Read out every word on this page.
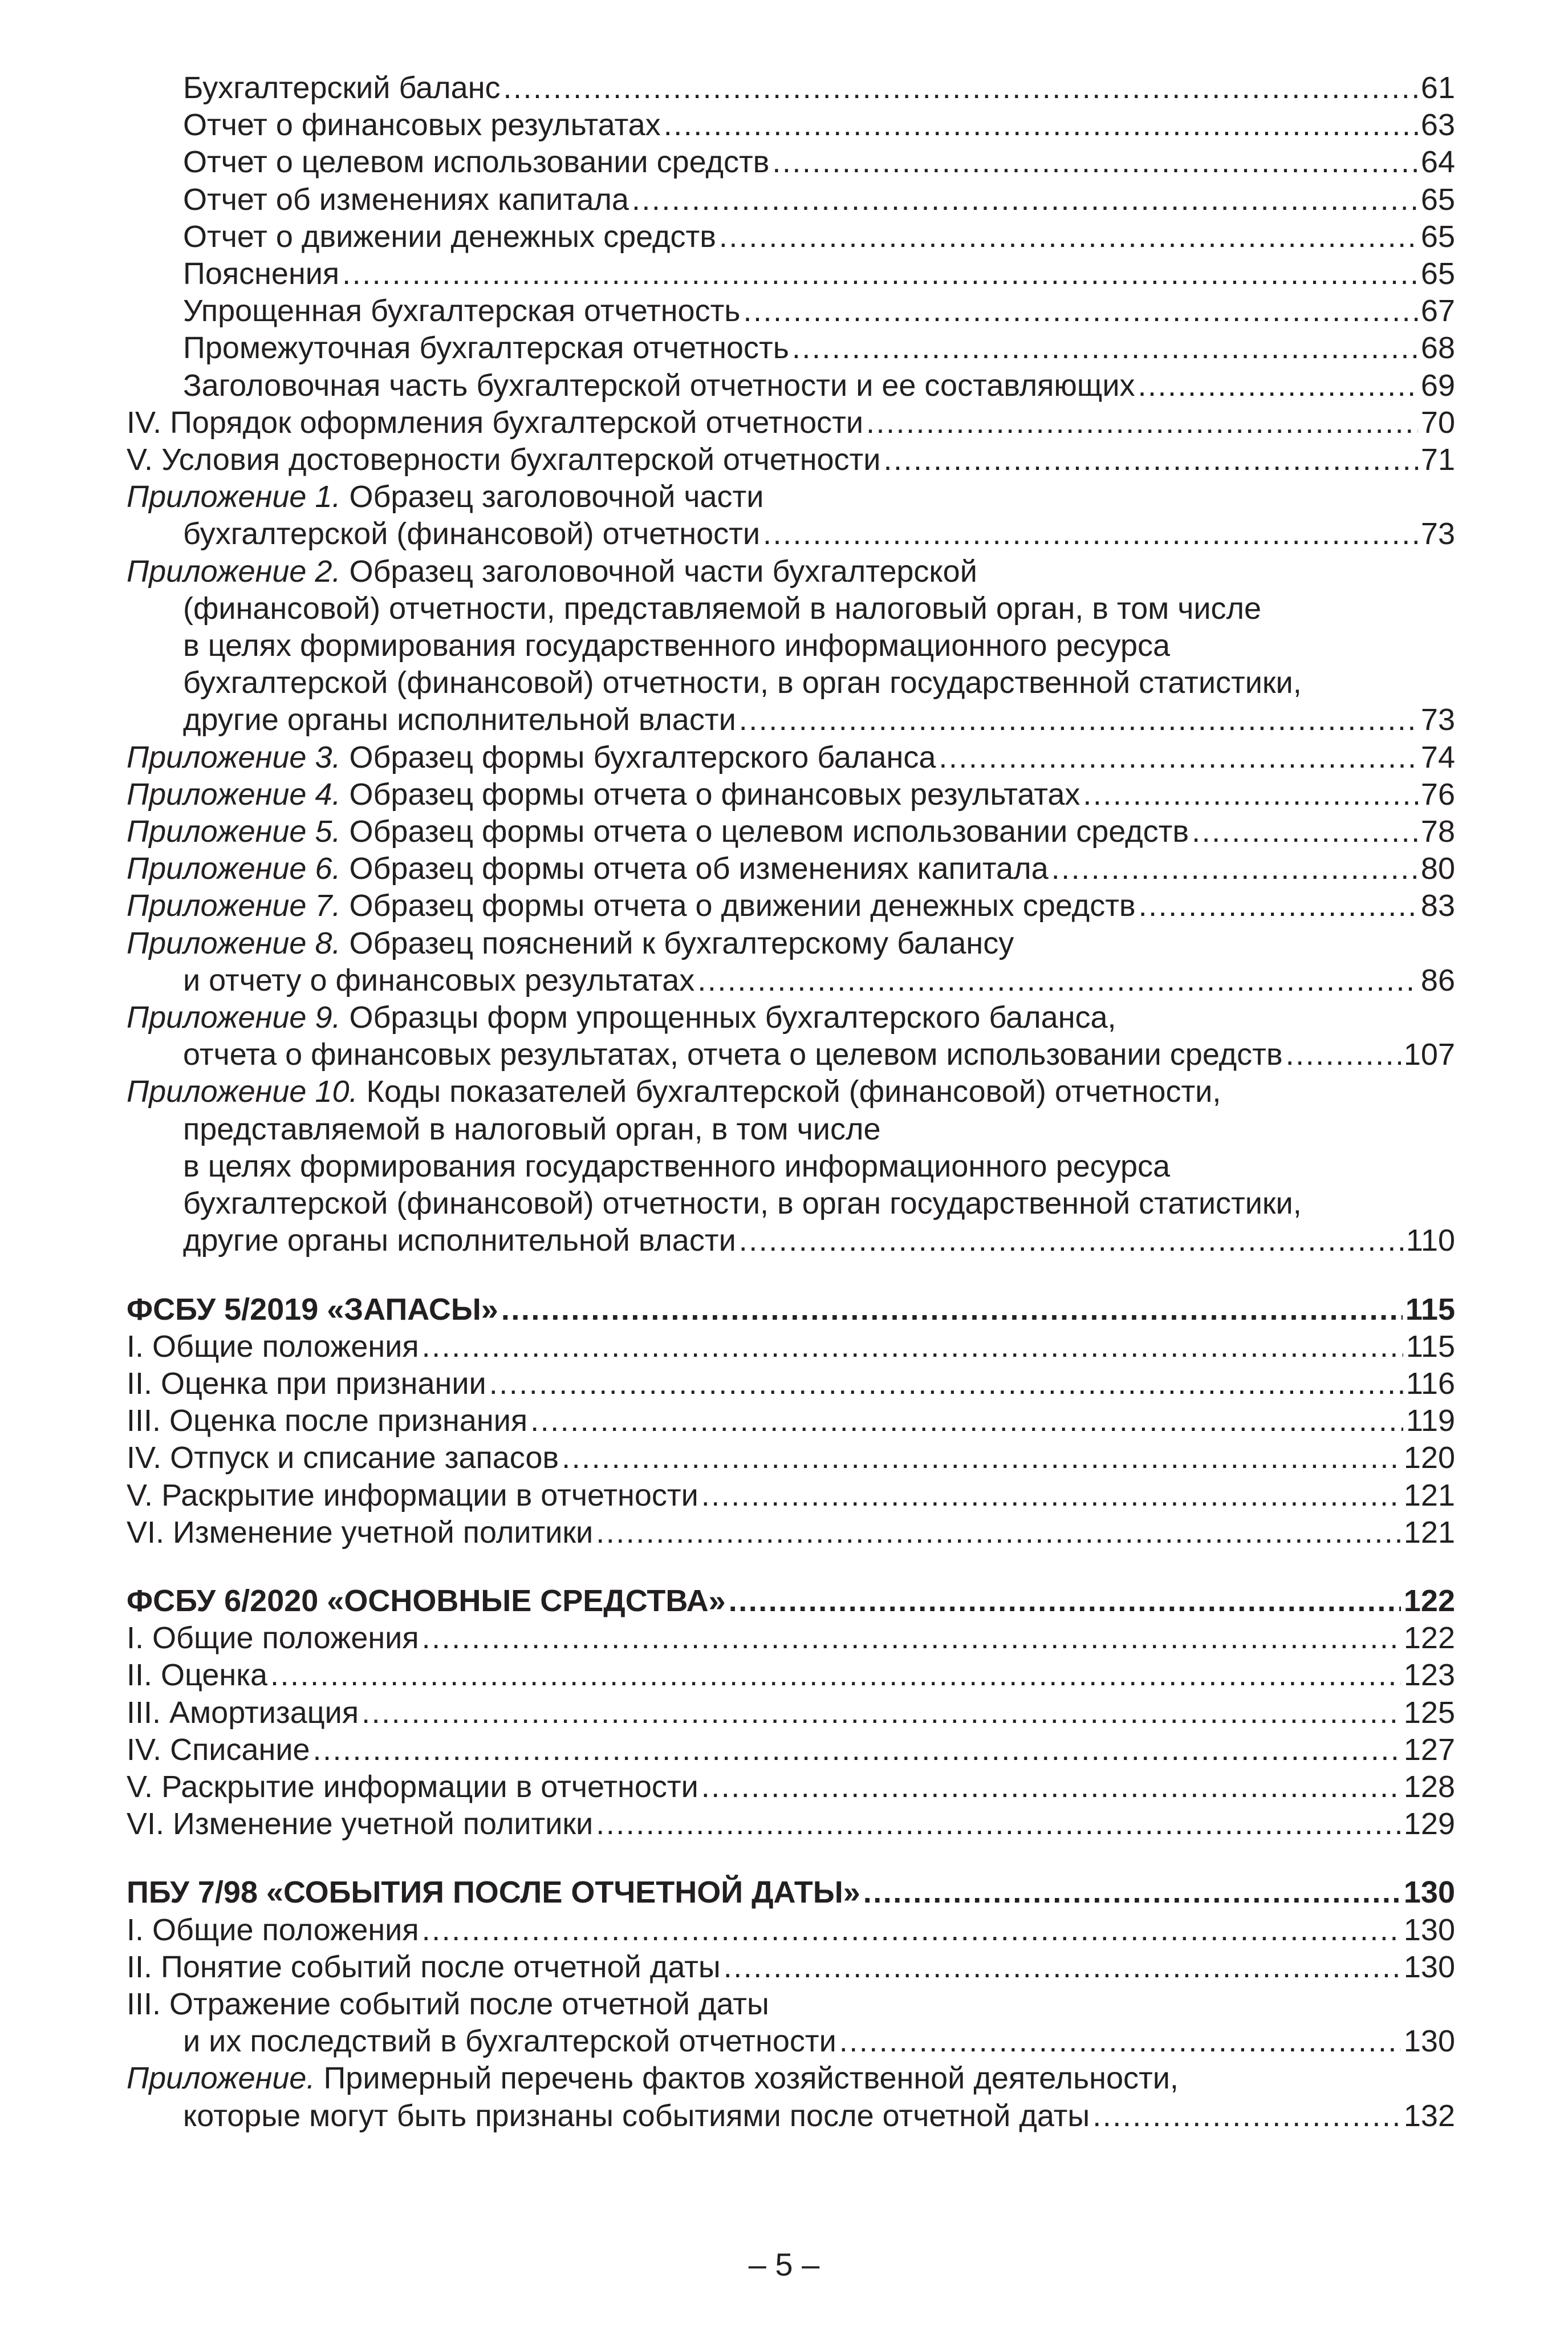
Бухгалтерский баланс .....	61
Отчет о финансовых результатах .....	63
Отчет о целевом использовании средств .....	64
Отчет об изменениях капитала .....	65
Отчет о движении денежных средств .....	65
Пояснения .....	65
Упрощенная бухгалтерская отчетность .....	67
Промежуточная бухгалтерская отчетность .....	68
Заголовочная часть бухгалтерской отчетности и ее составляющих .....	69
IV. Порядок оформления бухгалтерской отчетности .....	70
V. Условия достоверности бухгалтерской отчетности .....	71
Приложение 1. Образец заголовочной части
бухгалтерской (финансовой) отчетности .....	73
Приложение 2. Образец заголовочной части бухгалтерской
(финансовой) отчетности, представляемой в налоговый орган, в том числе
в целях формирования государственного информационного ресурса
бухгалтерской (финансовой) отчетности, в орган государственной статистики,
другие органы исполнительной власти .....	73
Приложение 3. Образец формы бухгалтерского баланса .....	74
Приложение 4. Образец формы отчета о финансовых результатах .....	76
Приложение 5. Образец формы отчета о целевом использовании средств .....	78
Приложение 6. Образец формы отчета об изменениях капитала .....	80
Приложение 7. Образец формы отчета о движении денежных средств .....	83
Приложение 8. Образец пояснений к бухгалтерскому балансу
и отчету о финансовых результатах .....	86
Приложение 9. Образцы форм упрощенных бухгалтерского баланса,
отчета о финансовых результатах, отчета о целевом использовании средств .....	107
Приложение 10. Коды показателей бухгалтерской (финансовой) отчетности,
представляемой в налоговый орган, в том числе
в целях формирования государственного информационного ресурса
бухгалтерской (финансовой) отчетности, в орган государственной статистики,
другие органы исполнительной власти .....	110
ФСБУ 5/2019 «ЗАПАСЫ» .....	115
I. Общие положения .....	115
II. Оценка при признании .....	116
III. Оценка после признания .....	119
IV. Отпуск и списание запасов .....	120
V. Раскрытие информации в отчетности .....	121
VI. Изменение учетной политики .....	121
ФСБУ 6/2020 «ОСНОВНЫЕ СРЕДСТВА» .....	122
I. Общие положения .....	122
II. Оценка .....	123
III. Амортизация .....	125
IV. Списание .....	127
V. Раскрытие информации в отчетности .....	128
VI. Изменение учетной политики .....	129
ПБУ 7/98 «СОБЫТИЯ ПОСЛЕ ОТЧЕТНОЙ ДАТЫ» .....	130
I. Общие положения .....	130
II. Понятие событий после отчетной даты .....	130
III. Отражение событий после отчетной даты
и их последствий в бухгалтерской отчетности .....	130
Приложение. Примерный перечень фактов хозяйственной деятельности,
которые могут быть признаны событиями после отчетной даты .....	132
– 5 –
